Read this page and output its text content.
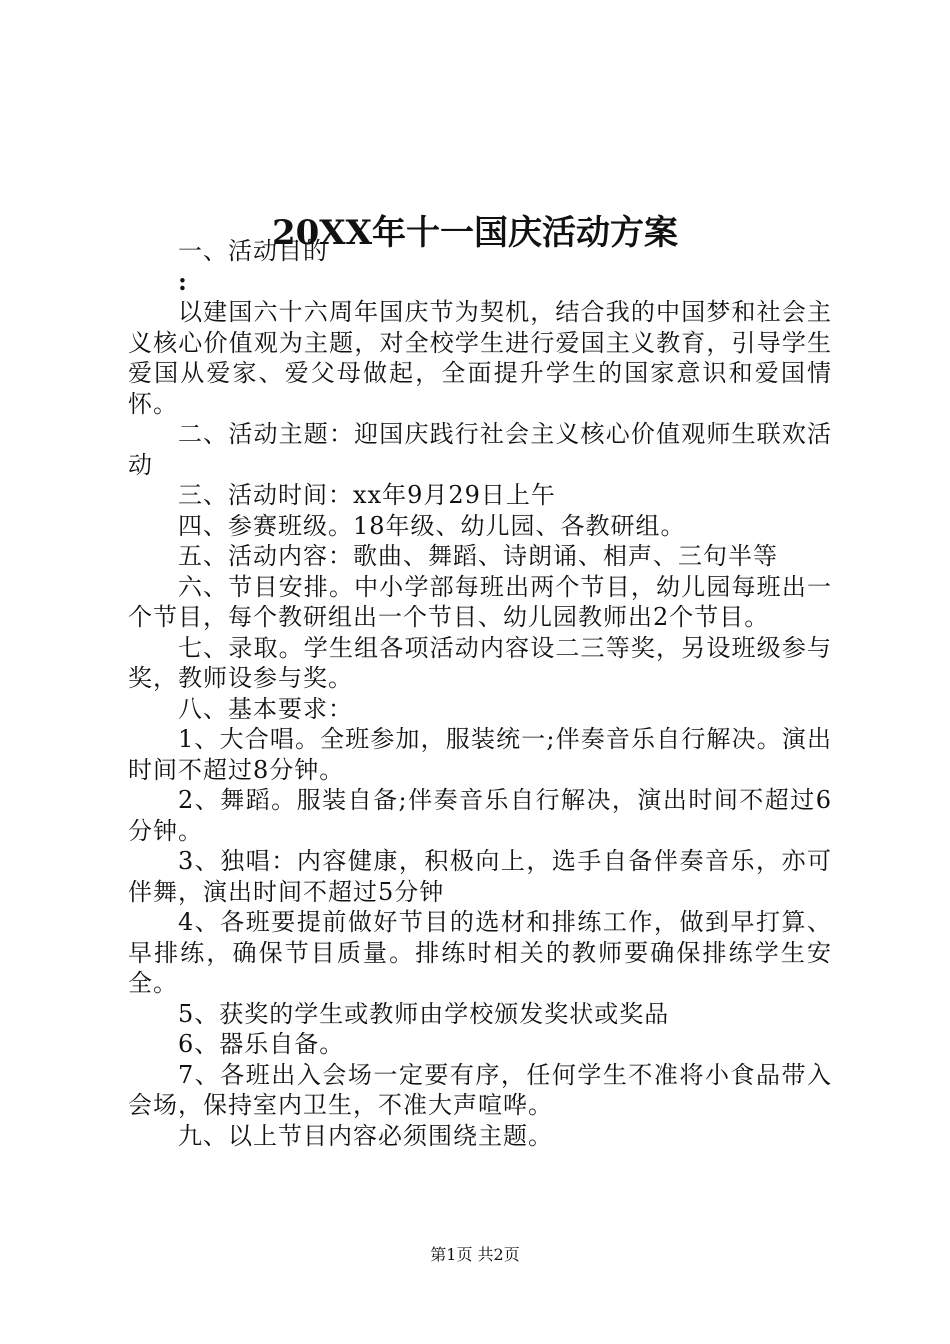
20XX年十一国庆活动方案

一、活动目的

:

以建国六十六周年国庆节为契机，结合我的中国梦和社会主义核心价值观为主题，对全校学生进行爱国主义教育，引导学生爱国从爱家、爱父母做起，全面提升学生的国家意识和爱国情怀。

二、活动主题：迎国庆践行社会主义核心价值观师生联欢活动

三、活动时间：xx年9月29日上午

四、参赛班级。18年级、幼儿园、各教研组。

五、活动内容：歌曲、舞蹈、诗朗诵、相声、三句半等

六、节目安排。中小学部每班出两个节目，幼儿园每班出一个节目，每个教研组出一个节目、幼儿园教师出2个节目。

七、录取。学生组各项活动内容设二三等奖，另设班级参与奖，教师设参与奖。

八、基本要求：

1、大合唱。全班参加，服装统一;伴奏音乐自行解决。演出时间不超过8分钟。

2、舞蹈。服装自备;伴奏音乐自行解决，演出时间不超过6分钟。

3、独唱：内容健康，积极向上，选手自备伴奏音乐，亦可伴舞，演出时间不超过5分钟

4、各班要提前做好节目的选材和排练工作，做到早打算、早排练，确保节目质量。排练时相关的教师要确保排练学生安全。

5、获奖的学生或教师由学校颁发奖状或奖品

6、器乐自备。

7、各班出入会场一定要有序，任何学生不准将小食品带入会场，保持室内卫生，不准大声喧哗。

九、以上节目内容必须围绕主题。

第1页 共2页
